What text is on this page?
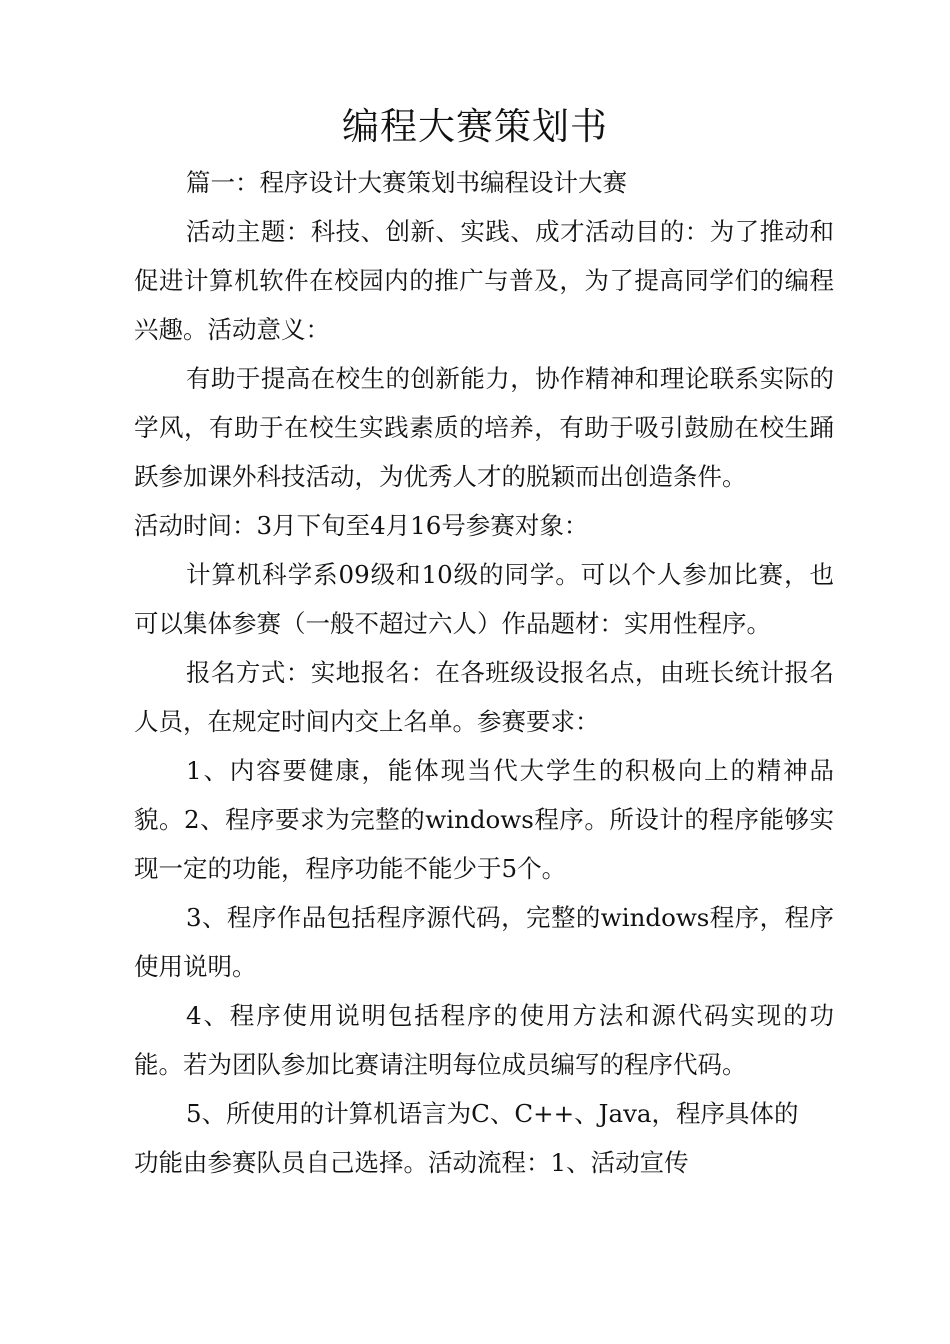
编程大赛策划书

篇一：程序设计大赛策划书编程设计大赛

活动主题：科技、创新、实践、成才活动目的：为了推动和促进计算机软件在校园内的推广与普及，为了提高同学们的编程兴趣。活动意义：

有助于提高在校生的创新能力，协作精神和理论联系实际的学风，有助于在校生实践素质的培养，有助于吸引鼓励在校生踊跃参加课外科技活动，为优秀人才的脱颖而出创造条件。

活动时间：3月下旬至4月16号参赛对象：

计算机科学系09级和10级的同学。可以个人参加比赛，也可以集体参赛（一般不超过六人）作品题材：实用性程序。

报名方式：实地报名：在各班级设报名点，由班长统计报名人员，在规定时间内交上名单。参赛要求：

1、内容要健康，能体现当代大学生的积极向上的精神品貌。2、程序要求为完整的windows程序。所设计的程序能够实现一定的功能，程序功能不能少于5个。

3、程序作品包括程序源代码，完整的windows程序，程序使用说明。

4、程序使用说明包括程序的使用方法和源代码实现的功能。若为团队参加比赛请注明每位成员编写的程序代码。

5、所使用的计算机语言为C、C++、Java，程序具体的

功能由参赛队员自己选择。活动流程：1、活动宣传
